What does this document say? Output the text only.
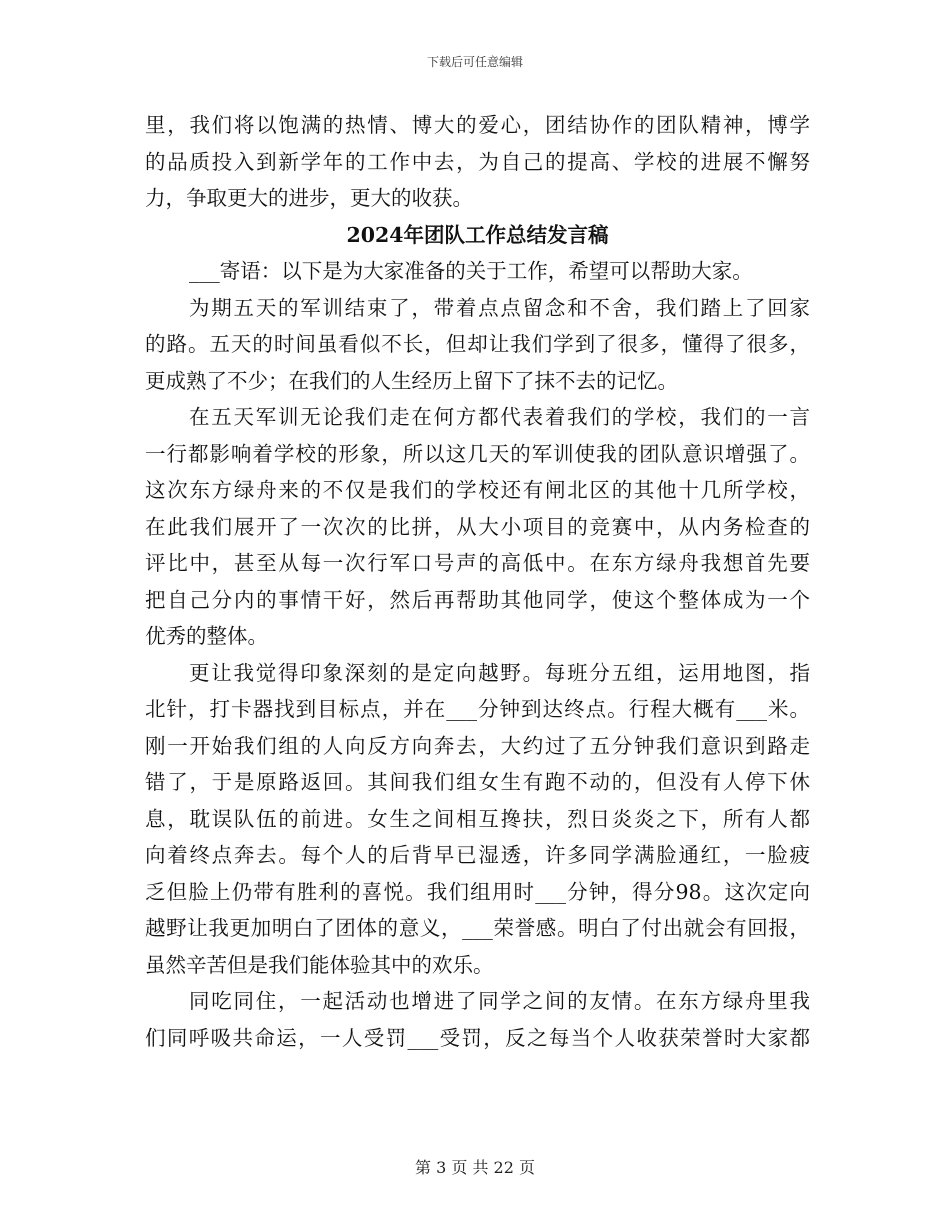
下载后可任意编辑
里，我们将以饱满的热情、博大的爱心，团结协作的团队精神，博学
的品质投入到新学年的工作中去，为自己的提高、学校的进展不懈努
力，争取更大的进步，更大的收获。
2024年团队工作总结发言稿
___寄语：以下是为大家准备的关于工作，希望可以帮助大家。
为期五天的军训结束了，带着点点留念和不舍，我们踏上了回家
的路。五天的时间虽看似不长，但却让我们学到了很多，懂得了很多，
更成熟了不少；在我们的人生经历上留下了抹不去的记忆。
在五天军训无论我们走在何方都代表着我们的学校，我们的一言
一行都影响着学校的形象，所以这几天的军训使我的团队意识增强了。
这次东方绿舟来的不仅是我们的学校还有闸北区的其他十几所学校，
在此我们展开了一次次的比拼，从大小项目的竞赛中，从内务检查的
评比中，甚至从每一次行军口号声的高低中。在东方绿舟我想首先要
把自己分内的事情干好，然后再帮助其他同学，使这个整体成为一个
优秀的整体。
更让我觉得印象深刻的是定向越野。每班分五组，运用地图，指
北针，打卡器找到目标点，并在___分钟到达终点。行程大概有___米。
刚一开始我们组的人向反方向奔去，大约过了五分钟我们意识到路走
错了，于是原路返回。其间我们组女生有跑不动的，但没有人停下休
息，耽误队伍的前进。女生之间相互搀扶，烈日炎炎之下，所有人都
向着终点奔去。每个人的后背早已湿透，许多同学满脸通红，一脸疲
乏但脸上仍带有胜利的喜悦。我们组用时___分钟，得分98。这次定向
越野让我更加明白了团体的意义，___荣誉感。明白了付出就会有回报，
虽然辛苦但是我们能体验其中的欢乐。
同吃同住，一起活动也增进了同学之间的友情。在东方绿舟里我
们同呼吸共命运，一人受罚___受罚，反之每当个人收获荣誉时大家都
第 3 页 共 22 页
